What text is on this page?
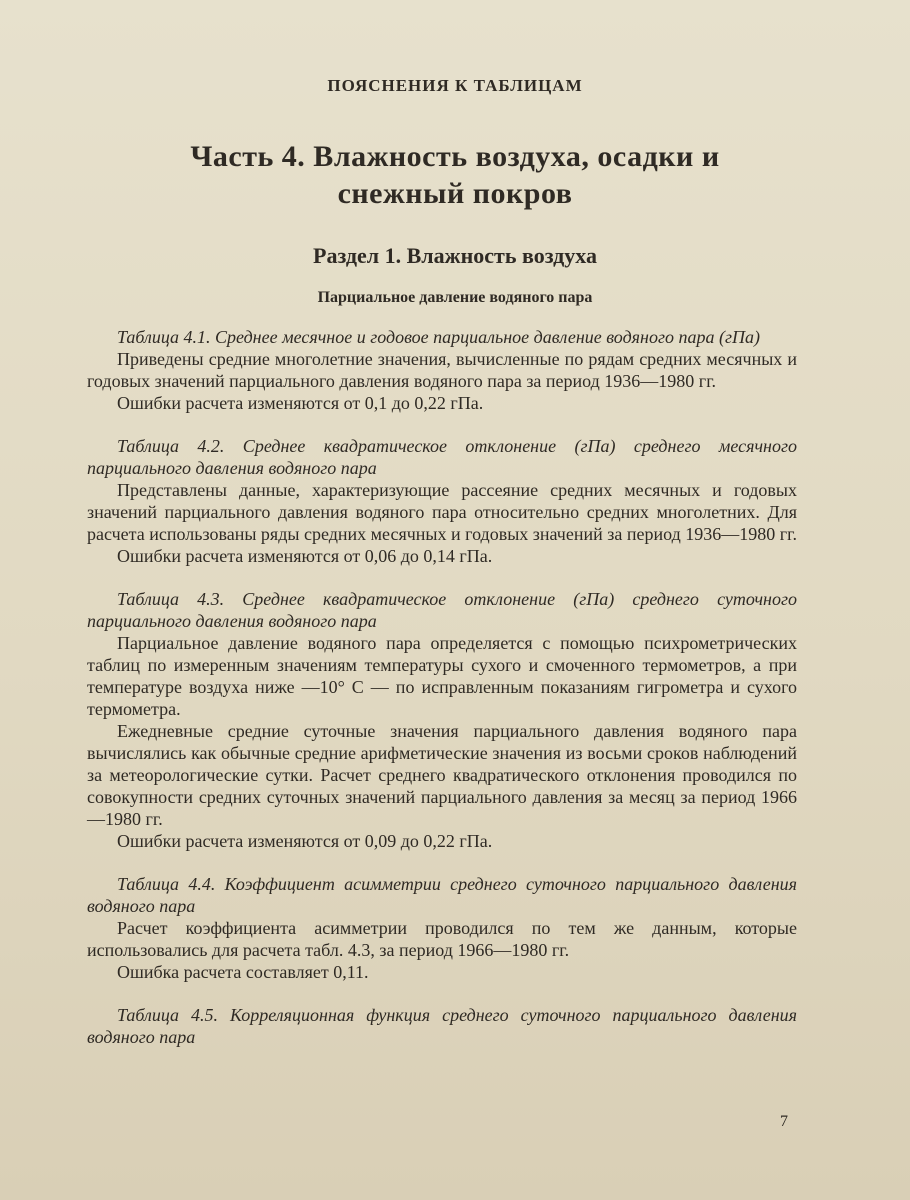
ПОЯСНЕНИЯ К ТАБЛИЦАМ
Часть 4. Влажность воздуха, осадки и
снежный покров
Раздел 1. Влажность воздуха
Парциальное давление водяного пара

Таблица 4.1. Среднее месячное и годовое парциальное давление водяного пара (гПа)

Приведены средние многолетние значения, вычисленные по рядам средних месячных и годовых значений парциального давления водяного пара за период 1936—1980 гг.

Ошибки расчета изменяются от 0,1 до 0,22 гПа.

Таблица 4.2. Среднее квадратическое отклонение (гПа) среднего месячного парциального давления водяного пара

Представлены данные, характеризующие рассеяние средних месячных и годовых значений парциального давления водяного пара относительно средних многолетних. Для расчета использованы ряды средних месячных и годовых значений за период 1936—1980 гг.

Ошибки расчета изменяются от 0,06 до 0,14 гПа.

Таблица 4.3. Среднее квадратическое отклонение (гПа) среднего суточного парциального давления водяного пара

Парциальное давление водяного пара определяется с помощью психрометрических таблиц по измеренным значениям температуры сухого и смоченного термометров, а при температуре воздуха ниже —10° С — по исправленным показаниям гигрометра и сухого термометра.

Ежедневные средние суточные значения парциального давления водяного пара вычислялись как обычные средние арифметические значения из восьми сроков наблюдений за метеорологические сутки. Расчет среднего квадратического отклонения проводился по совокупности средних суточных значений парциального давления за месяц за период 1966—1980 гг.

Ошибки расчета изменяются от 0,09 до 0,22 гПа.

Таблица 4.4. Коэффициент асимметрии среднего суточного парциального давления водяного пара

Расчет коэффициента асимметрии проводился по тем же данным, которые использовались для расчета табл. 4.3, за период 1966—1980 гг.

Ошибка расчета составляет 0,11.

Таблица 4.5. Корреляционная функция среднего суточного парциального давления водяного пара

7
